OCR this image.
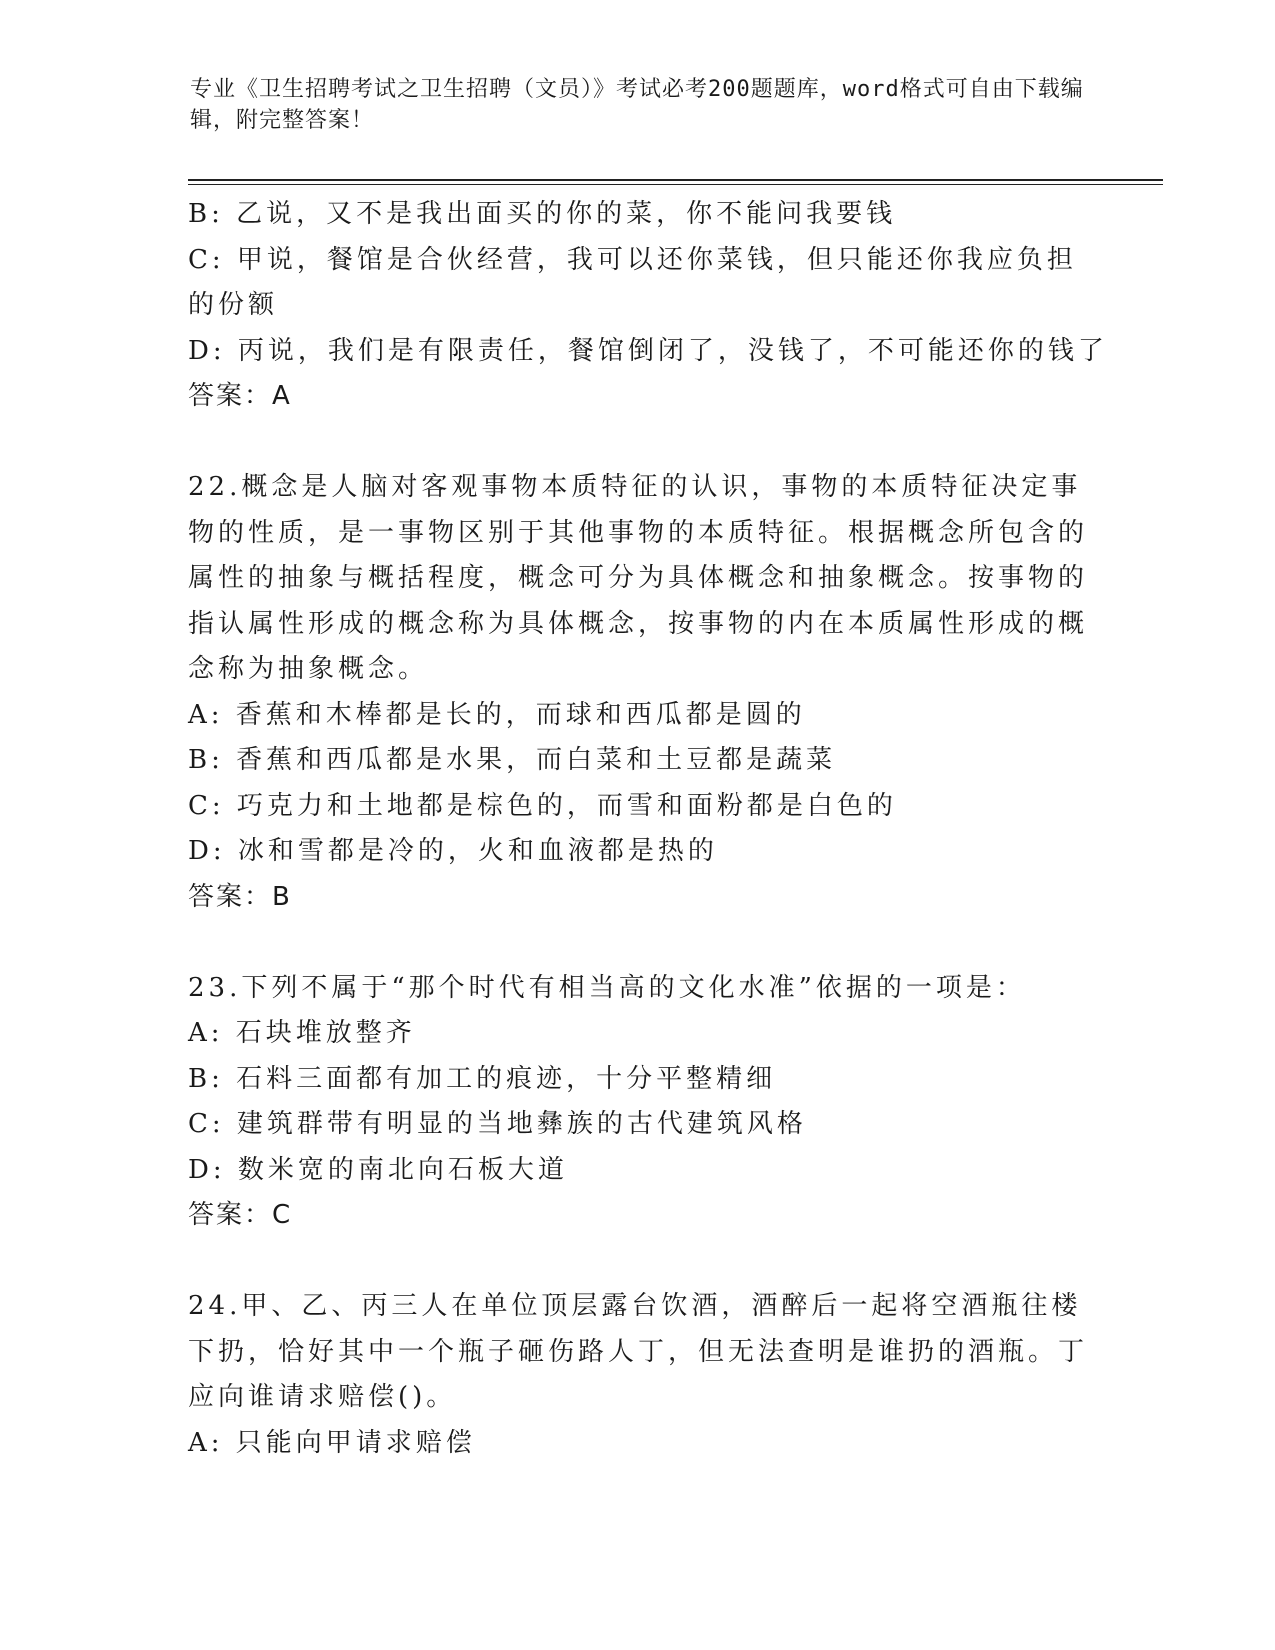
专业《卫生招聘考试之卫生招聘（文员）》考试必考200题题库，word格式可自由下载编辑，附完整答案！

B: 乙说，又不是我出面买的你的菜，你不能问我要钱

C: 甲说，餐馆是合伙经营，我可以还你菜钱，但只能还你我应负担的份额

D: 丙说，我们是有限责任，餐馆倒闭了，没钱了，不可能还你的钱了

答案：A

22.概念是人脑对客观事物本质特征的认识，事物的本质特征决定事物的性质，是一事物区别于其他事物的本质特征。根据概念所包含的属性的抽象与概括程度，概念可分为具体概念和抽象概念。按事物的指认属性形成的概念称为具体概念，按事物的内在本质属性形成的概念称为抽象概念。

A: 香蕉和木棒都是长的，而球和西瓜都是圆的

B: 香蕉和西瓜都是水果，而白菜和土豆都是蔬菜

C: 巧克力和土地都是棕色的，而雪和面粉都是白色的

D: 冰和雪都是冷的，火和血液都是热的

答案：B

23.下列不属于“那个时代有相当高的文化水准”依据的一项是：

A: 石块堆放整齐

B: 石料三面都有加工的痕迹，十分平整精细

C: 建筑群带有明显的当地彝族的古代建筑风格

D: 数米宽的南北向石板大道

答案：C

24.甲、乙、丙三人在单位顶层露台饮酒，酒醉后一起将空酒瓶往楼下扔，恰好其中一个瓶子砸伤路人丁，但无法查明是谁扔的酒瓶。丁应向谁请求赔偿()。

A: 只能向甲请求赔偿
